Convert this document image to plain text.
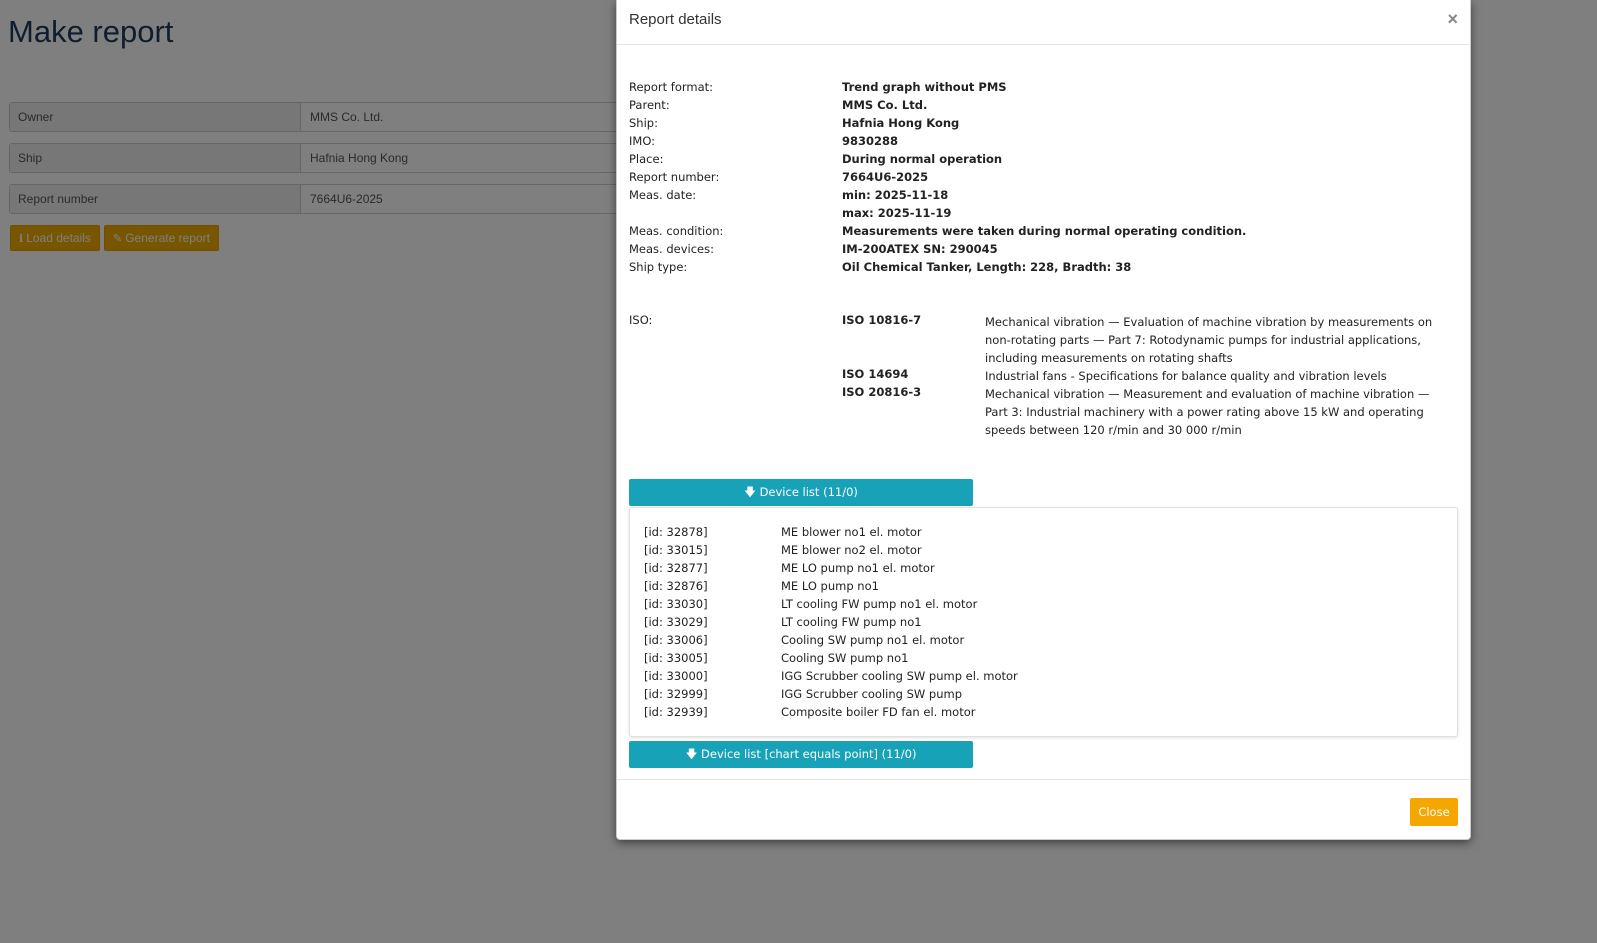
Report details	×
Report format:	Trend graph without PMS
Parent:	MMS Co. Ltd.
Ship:	Hafnia Hong Kong
IMO:	9830288
Place:	During normal operation
Report number:	7664U6-2025
Meas. date:	min: 2025-11-18
max: 2025-11-19
Meas. condition:	Measurements were taken during normal operating condition.
Meas. devices:	IM-200ATEX SN: 290045
Ship type:	Oil Chemical Tanker, Length: 228, Bradth: 38
ISO:	ISO 10816-7	Mechanical vibration — Evaluation of machine vibration by measurements on non-rotating parts — Part 7: Rotodynamic pumps for industrial applications, including measurements on rotating shafts
ISO 14694	Industrial fans - Specifications for balance quality and vibration levels
ISO 20816-3	Mechanical vibration — Measurement and evaluation of machine vibration — Part 3: Industrial machinery with a power rating above 15 kW and operating speeds between 120 r/min and 30 000 r/min
🡇 Device list (11/0)
[id: 32878]	ME blower no1 el. motor
[id: 33015]	ME blower no2 el. motor
[id: 32877]	ME LO pump no1 el. motor
[id: 32876]	ME LO pump no1
[id: 33030]	LT cooling FW pump no1 el. motor
[id: 33029]	LT cooling FW pump no1
[id: 33006]	Cooling SW pump no1 el. motor
[id: 33005]	Cooling SW pump no1
[id: 33000]	IGG Scrubber cooling SW pump el. motor
[id: 32999]	IGG Scrubber cooling SW pump
[id: 32939]	Composite boiler FD fan el. motor
🡇 Device list [chart equals point] (11/0)
Close
